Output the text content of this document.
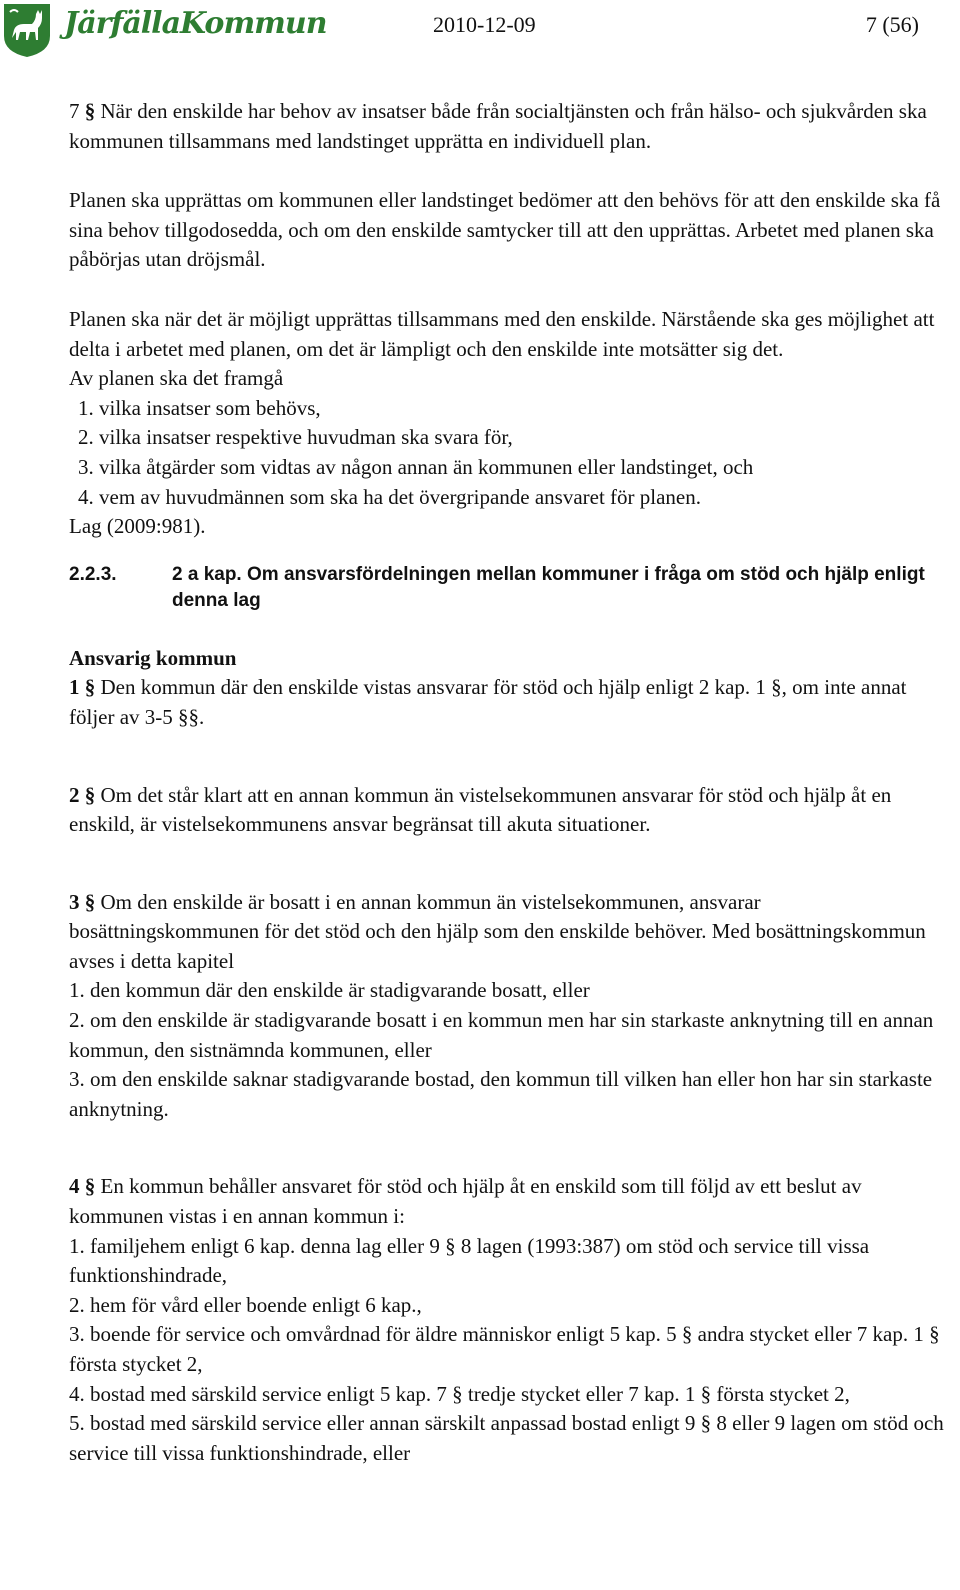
JärfällaKommun	2010-12-09	7 (56)

7 § När den enskilde har behov av insatser både från socialtjänsten och från hälso- och sjukvården ska kommunen tillsammans med landstinget upprätta en individuell plan.

Planen ska upprättas om kommunen eller landstinget bedömer att den behövs för att den enskilde ska få sina behov tillgodosedda, och om den enskilde samtycker till att den upprättas. Arbetet med planen ska påbörjas utan dröjsmål.

Planen ska när det är möjligt upprättas tillsammans med den enskilde. Närstående ska ges möjlighet att delta i arbetet med planen, om det är lämpligt och den enskilde inte motsätter sig det.

Av planen ska det framgå

1. vilka insatser som behövs,

2. vilka insatser respektive huvudman ska svara för,

3. vilka åtgärder som vidtas av någon annan än kommunen eller landstinget, och

4. vem av huvudmännen som ska ha det övergripande ansvaret för planen.

Lag (2009:981).

2.2.3.	2 a kap. Om ansvarsfördelningen mellan kommuner i fråga om stöd och hjälp enligt denna lag

Ansvarig kommun

1 § Den kommun där den enskilde vistas ansvarar för stöd och hjälp enligt 2 kap. 1 §, om inte annat följer av 3-5 §§.

2 § Om det står klart att en annan kommun än vistelsekommunen ansvarar för stöd och hjälp åt en enskild, är vistelsekommunens ansvar begränsat till akuta situationer.

3 § Om den enskilde är bosatt i en annan kommun än vistelsekommunen, ansvarar bosättningskommunen för det stöd och den hjälp som den enskilde behöver. Med bosättningskommun avses i detta kapitel

1. den kommun där den enskilde är stadigvarande bosatt, eller

2. om den enskilde är stadigvarande bosatt i en kommun men har sin starkaste anknytning till en annan kommun, den sistnämnda kommunen, eller

3. om den enskilde saknar stadigvarande bostad, den kommun till vilken han eller hon har sin starkaste anknytning.

4 § En kommun behåller ansvaret för stöd och hjälp åt en enskild som till följd av ett beslut av kommunen vistas i en annan kommun i:

1. familjehem enligt 6 kap. denna lag eller 9 § 8 lagen (1993:387) om stöd och service till vissa funktionshindrade,

2. hem för vård eller boende enligt 6 kap.,

3. boende för service och omvårdnad för äldre människor enligt 5 kap. 5 § andra stycket eller 7 kap. 1 § första stycket 2,

4. bostad med särskild service enligt 5 kap. 7 § tredje stycket eller 7 kap. 1 § första stycket 2,

5. bostad med särskild service eller annan särskilt anpassad bostad enligt 9 § 8 eller 9 lagen om stöd och service till vissa funktionshindrade, eller
